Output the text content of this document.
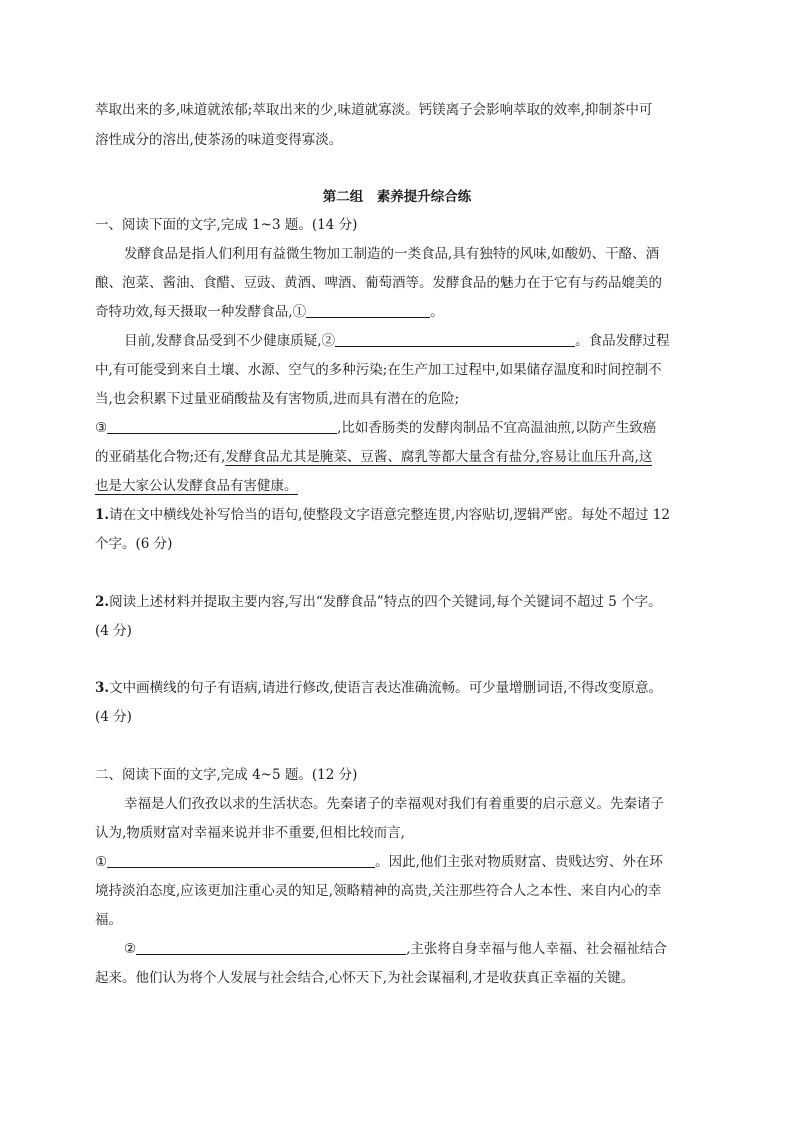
萃取出来的多,味道就浓郁;萃取出来的少,味道就寡淡。钙镁离子会影响萃取的效率,抑制茶中可
溶性成分的溶出,使茶汤的味道变得寡淡。
第二组　素养提升综合练
一、阅读下面的文字,完成 1~3 题。(14 分)
发酵食品是指人们利用有益微生物加工制造的一类食品,具有独特的风味,如酸奶、干酪、酒
酿、泡菜、酱油、食醋、豆豉、黄酒、啤酒、葡萄酒等。发酵食品的魅力在于它有与药品媲美的
奇特功效,每天摄取一种发酵食品,①	。
目前,发酵食品受到不少健康质疑,②	。食品发酵过程
中,有可能受到来自土壤、水源、空气的多种污染;在生产加工过程中,如果储存温度和时间控制不
当,也会积累下过量亚硝酸盐及有害物质,进而具有潜在的危险;
③	,比如香肠类的发酵肉制品不宜高温油煎,以防产生致癌
的亚硝基化合物;还有,发酵食品尤其是腌菜、豆酱、腐乳等都大量含有盐分,容易让血压升高,这
也是大家公认发酵食品有害健康。
1.请在文中横线处补写恰当的语句,使整段文字语意完整连贯,内容贴切,逻辑严密。每处不超过 12
个字。(6 分)
2.阅读上述材料并提取主要内容,写出“发酵食品”特点的四个关键词,每个关键词不超过 5 个字。
(4 分)
3.文中画横线的句子有语病,请进行修改,使语言表达准确流畅。可少量增删词语,不得改变原意。
(4 分)
二、阅读下面的文字,完成 4~5 题。(12 分)
幸福是人们孜孜以求的生活状态。先秦诸子的幸福观对我们有着重要的启示意义。先秦诸子
认为,物质财富对幸福来说并非不重要,但相比较而言,
①	。因此,他们主张对物质财富、贵贱达穷、外在环
境持淡泊态度,应该更加注重心灵的知足,领略精神的高贵,关注那些符合人之本性、来自内心的幸
福。
②	,主张将自身幸福与他人幸福、社会福祉结合
起来。他们认为将个人发展与社会结合,心怀天下,为社会谋福利,才是收获真正幸福的关键。
